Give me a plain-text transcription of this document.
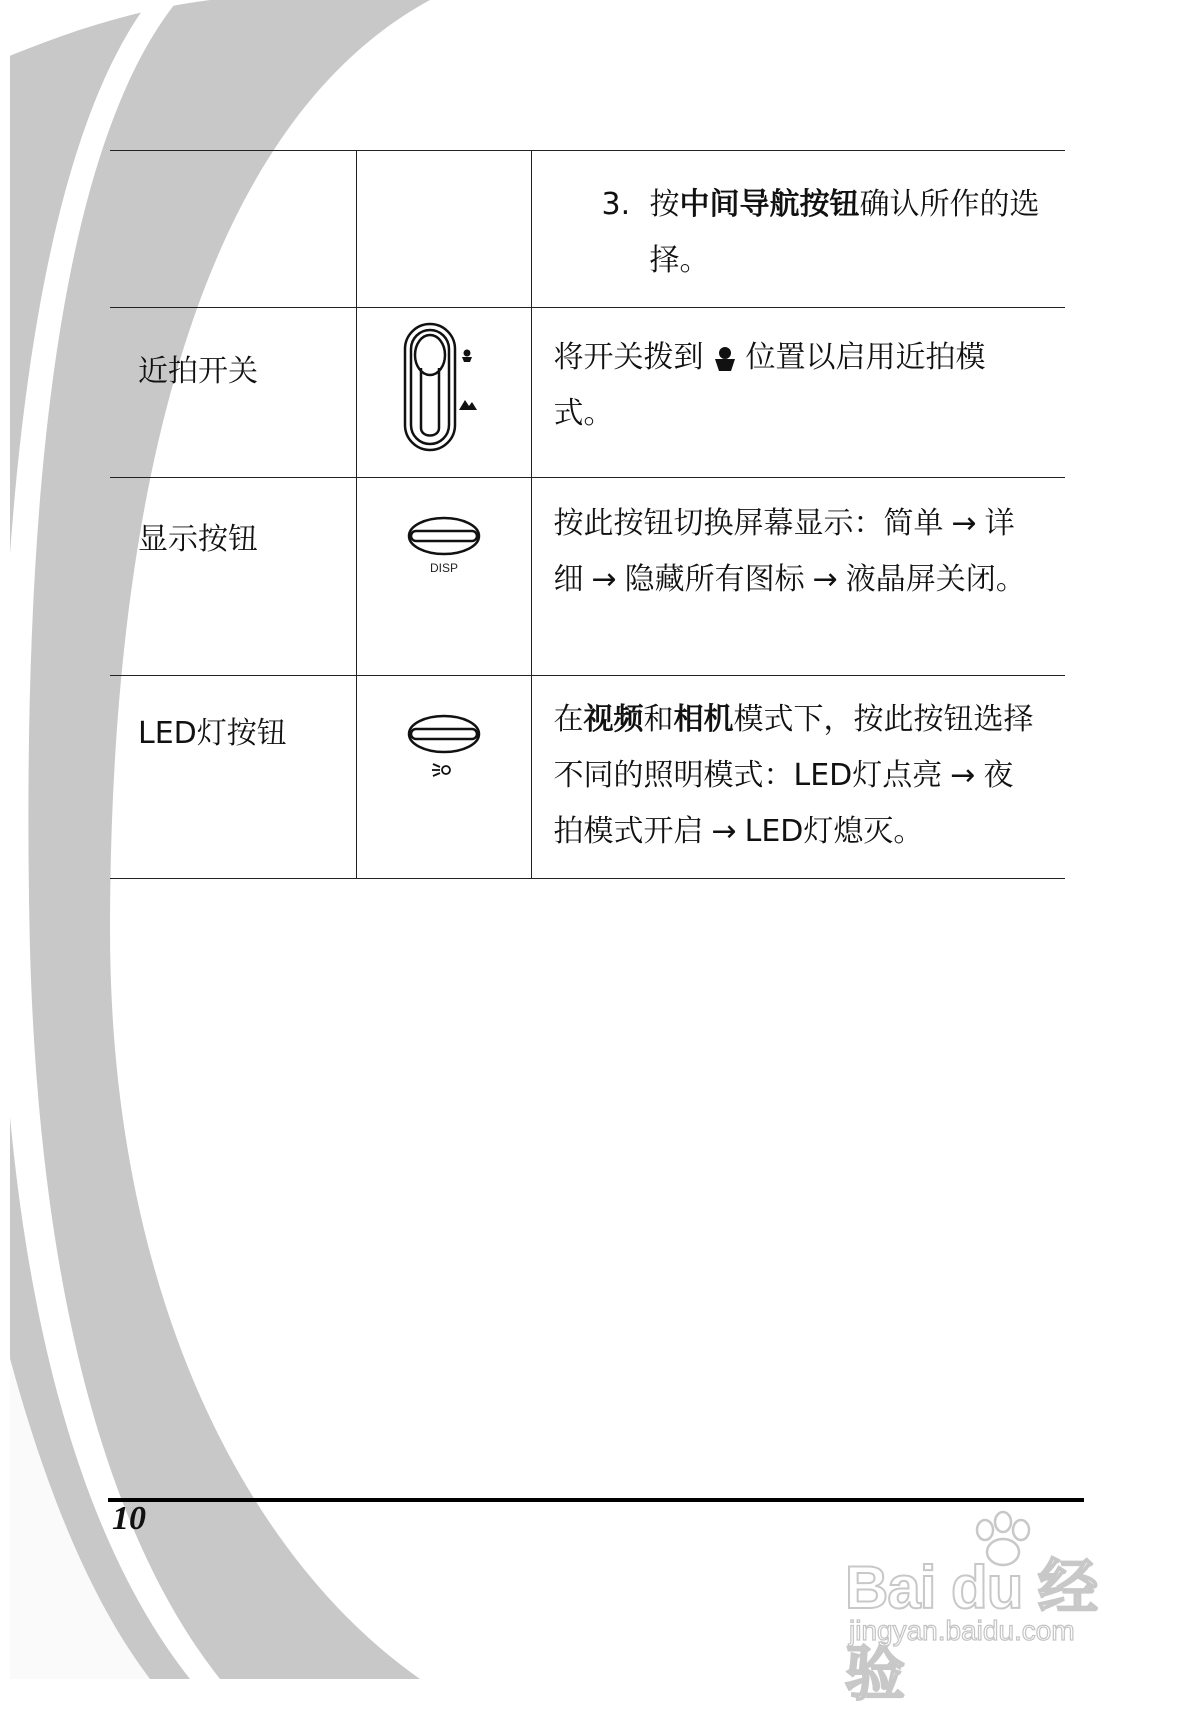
		3. 按中间导航按钮确认所作的选择。

近拍开关		将开关拨到 位置以启用近拍模式。
显示按钮	DISP	按此按钮切换屏幕显示：简单 → 详细 → 隐藏所有图标 → 液晶屏关闭。
LED灯按钮		在视频和相机模式下，按此按钮选择不同的照明模式：LED灯点亮 → 夜拍模式开启 → LED灯熄灭。
10
Bai du 经验
jingyan.baidu.com
